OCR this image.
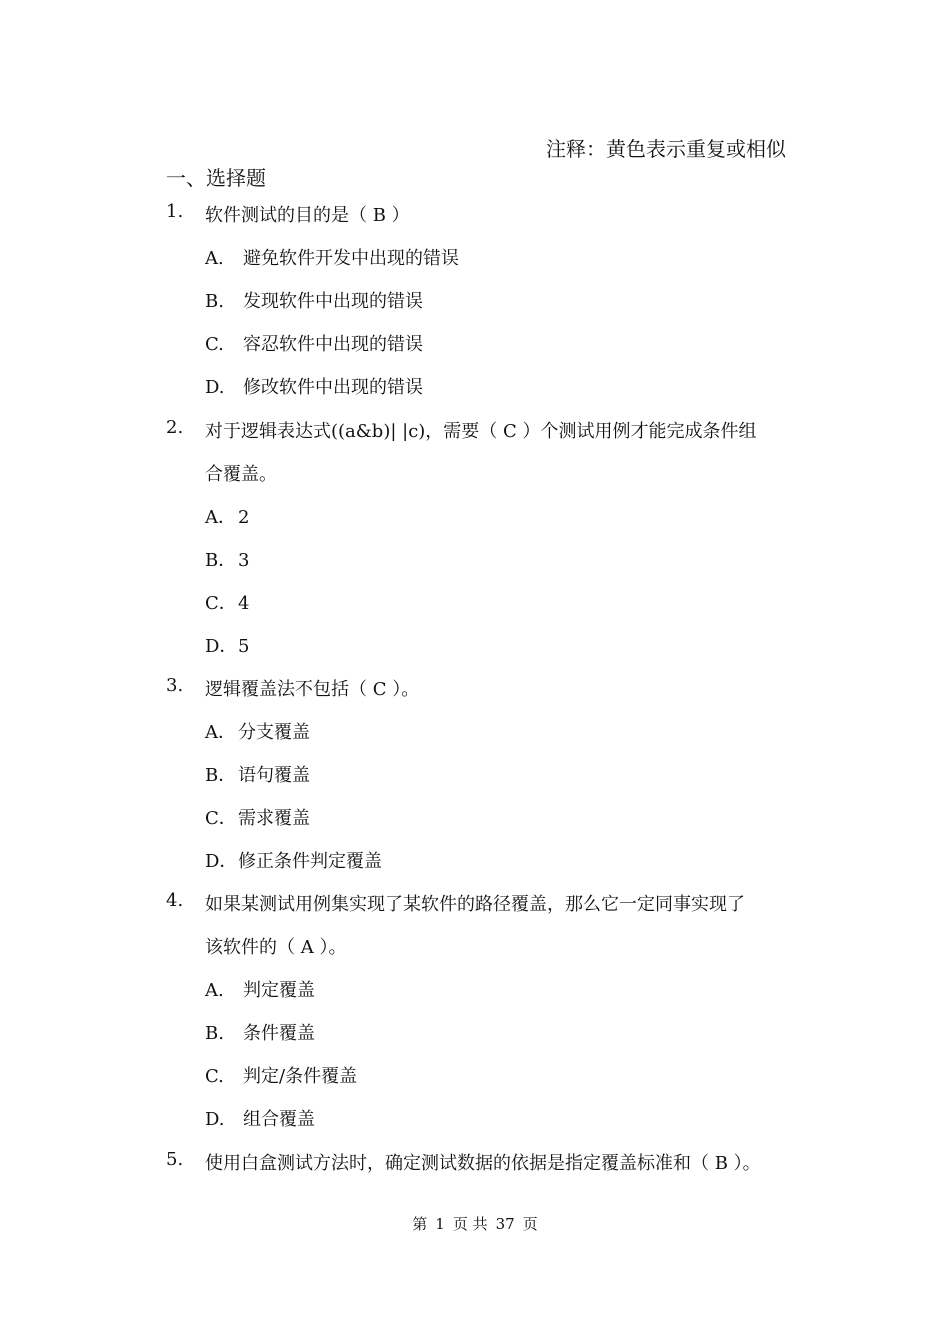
注释：黄色表示重复或相似
一、选择题
1. 软件测试的目的是（ B ）
A. 避免软件开发中出现的错误
B. 发现软件中出现的错误
C. 容忍软件中出现的错误
D. 修改软件中出现的错误
2. 对于逻辑表达式((a&b)| |c)，需要（ C ）个测试用例才能完成条件组
合覆盖。
A． 2
B．3
C．4
D．5
3. 逻辑覆盖法不包括（ C ）。
A． 分支覆盖
B．语句覆盖
C．需求覆盖
D．修正条件判定覆盖
4. 如果某测试用例集实现了某软件的路径覆盖，那么它一定同事实现了
该软件的（ A ）。
A. 判定覆盖
B. 条件覆盖
C. 判定/条件覆盖
D. 组合覆盖
5. 使用白盒测试方法时，确定测试数据的依据是指定覆盖标准和（ B ）。
第 1 页 共 37 页
